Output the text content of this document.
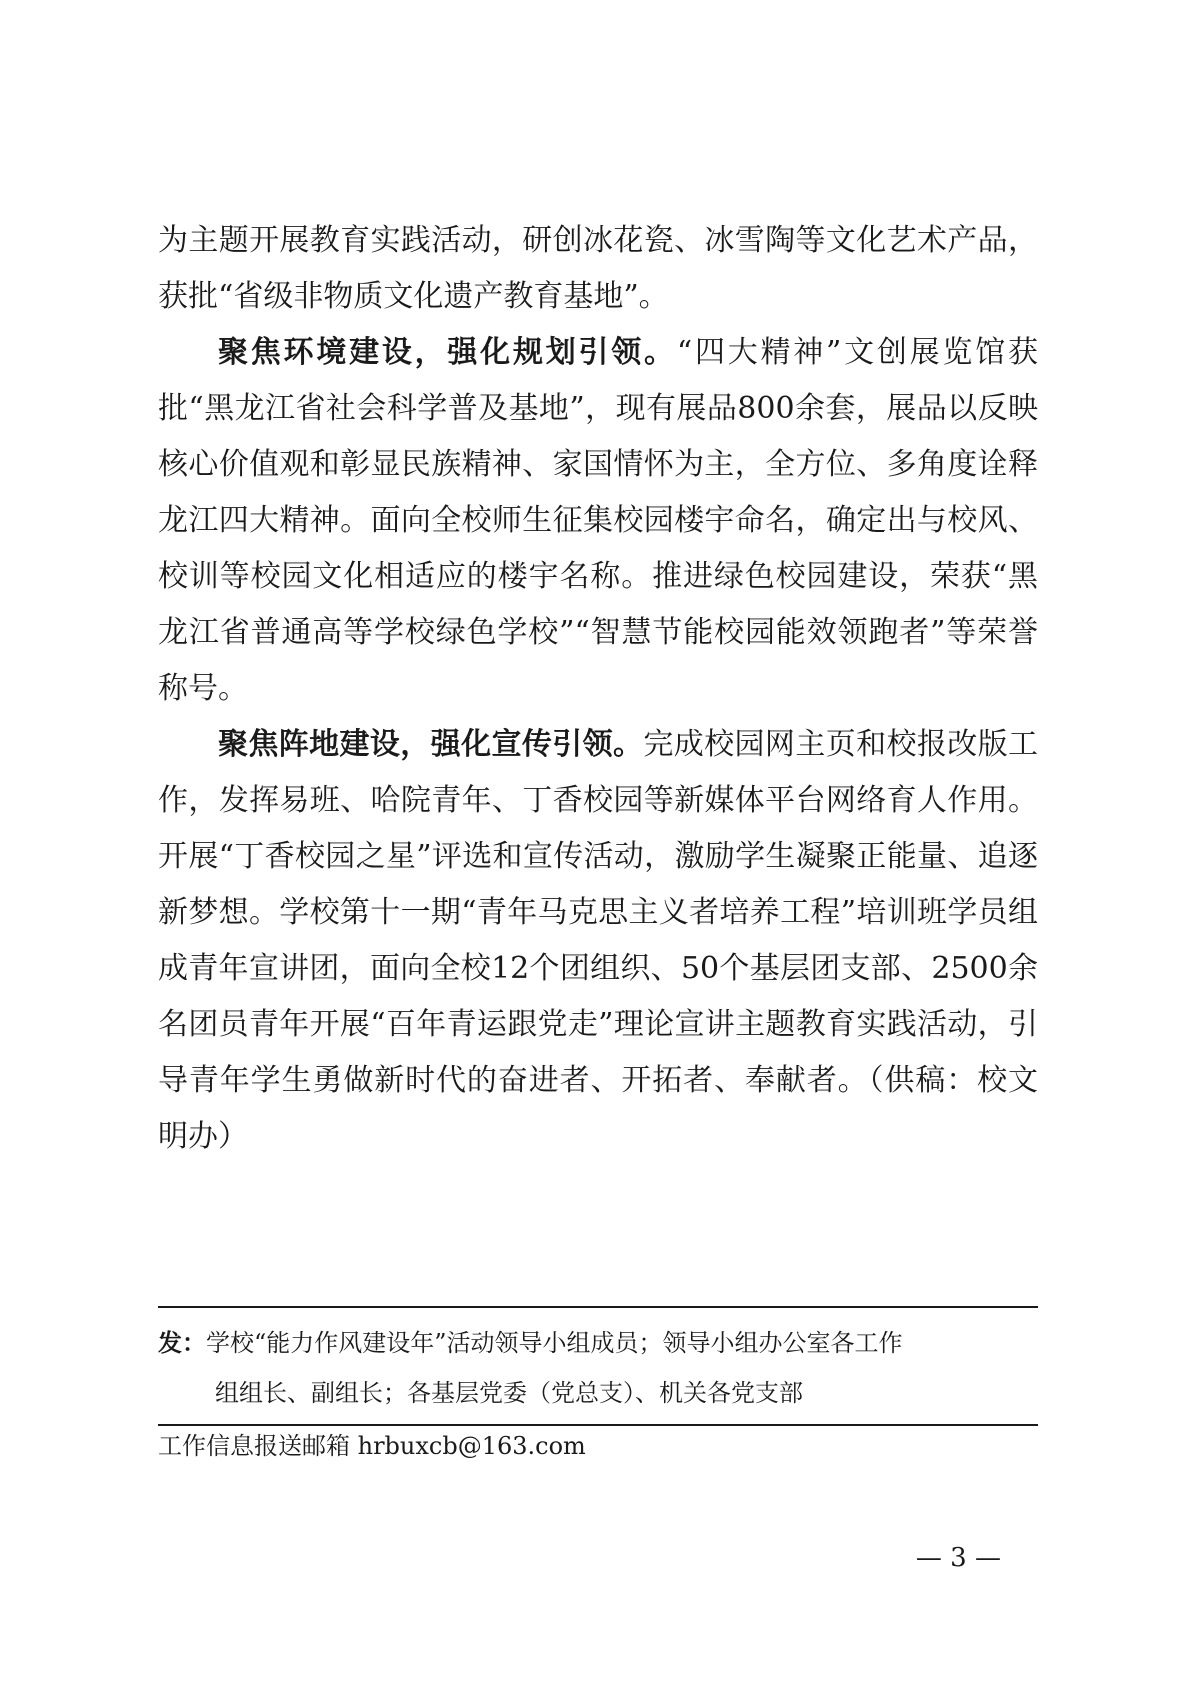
为主题开展教育实践活动，研创冰花瓷、冰雪陶等文化艺术产品，获批“省级非物质文化遗产教育基地”。

聚焦环境建设，强化规划引领。“四大精神”文创展览馆获批“黑龙江省社会科学普及基地”，现有展品800余套，展品以反映核心价值观和彰显民族精神、家国情怀为主，全方位、多角度诠释龙江四大精神。面向全校师生征集校园楼宇命名，确定出与校风、校训等校园文化相适应的楼宇名称。推进绿色校园建设，荣获“黑龙江省普通高等学校绿色学校”“智慧节能校园能效领跑者”等荣誉称号。

聚焦阵地建设，强化宣传引领。完成校园网主页和校报改版工作，发挥易班、哈院青年、丁香校园等新媒体平台网络育人作用。开展“丁香校园之星”评选和宣传活动，激励学生凝聚正能量、追逐新梦想。学校第十一期“青年马克思主义者培养工程”培训班学员组成青年宣讲团，面向全校12个团组织、50个基层团支部、2500余名团员青年开展“百年青运跟党走”理论宣讲主题教育实践活动，引导青年学生勇做新时代的奋进者、开拓者、奉献者。（供稿：校文明办）

发：学校“能力作风建设年”活动领导小组成员；领导小组办公室各工作
组组长、副组长；各基层党委（党总支）、机关各党支部
工作信息报送邮箱 hrbuxcb@163.com
— 3 —
